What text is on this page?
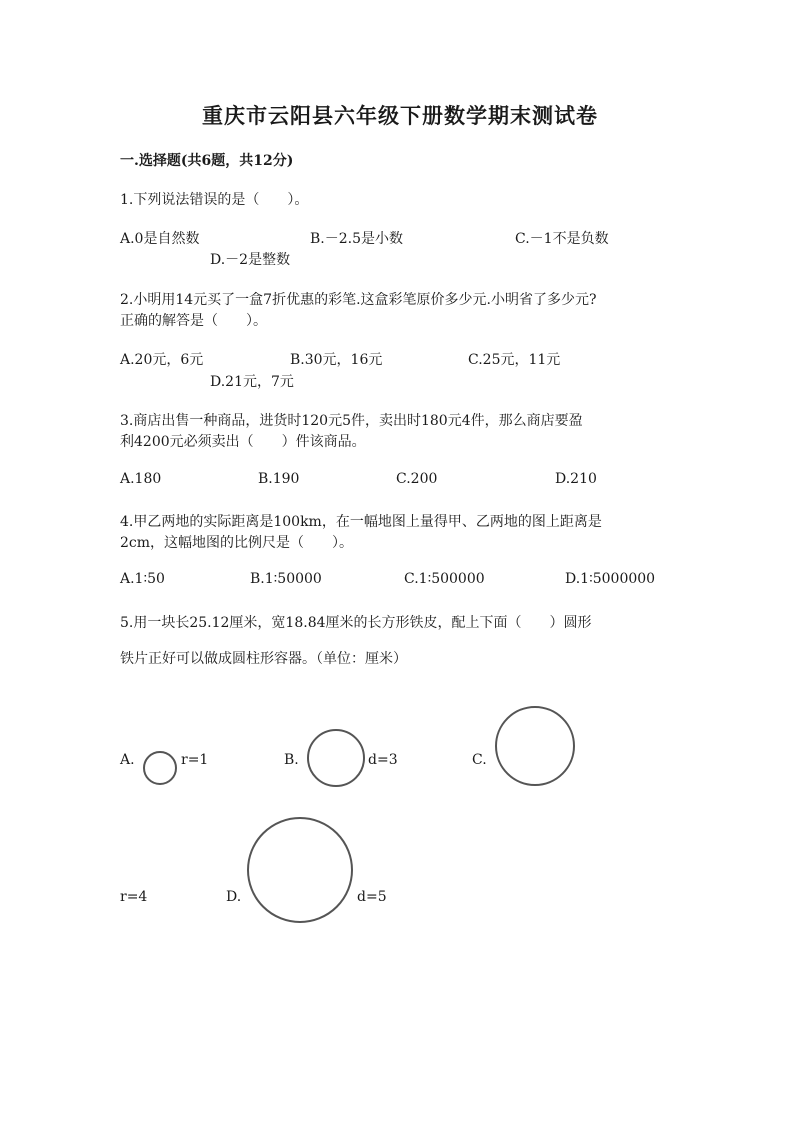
重庆市云阳县六年级下册数学期末测试卷
一.选择题(共6题，共12分)
1.下列说法错误的是（　　）。
A.0是自然数	B.－2.5是小数	C.－1不是负数
D.－2是整数
2.小明用14元买了一盒7折优惠的彩笔.这盒彩笔原价多少元.小明省了多少元?
正确的解答是（　　）。
A.20元，6元	B.30元，16元	C.25元，11元
D.21元，7元
3.商店出售一种商品，进货时120元5件，卖出时180元4件，那么商店要盈
利4200元必须卖出（　　）件该商品。
A.180	B.190	C.200	D.210
4.甲乙两地的实际距离是100km，在一幅地图上量得甲、乙两地的图上距离是
2cm，这幅地图的比例尺是（　　）。
A.1∶50	B.1∶50000	C.1∶500000	D.1∶5000000
5.用一块长25.12厘米，宽18.84厘米的长方形铁皮，配上下面（　　）圆形
铁片正好可以做成圆柱形容器。（单位：厘米）
A.	r=1	B.	d=3	C.
r=4	D.	d=5
